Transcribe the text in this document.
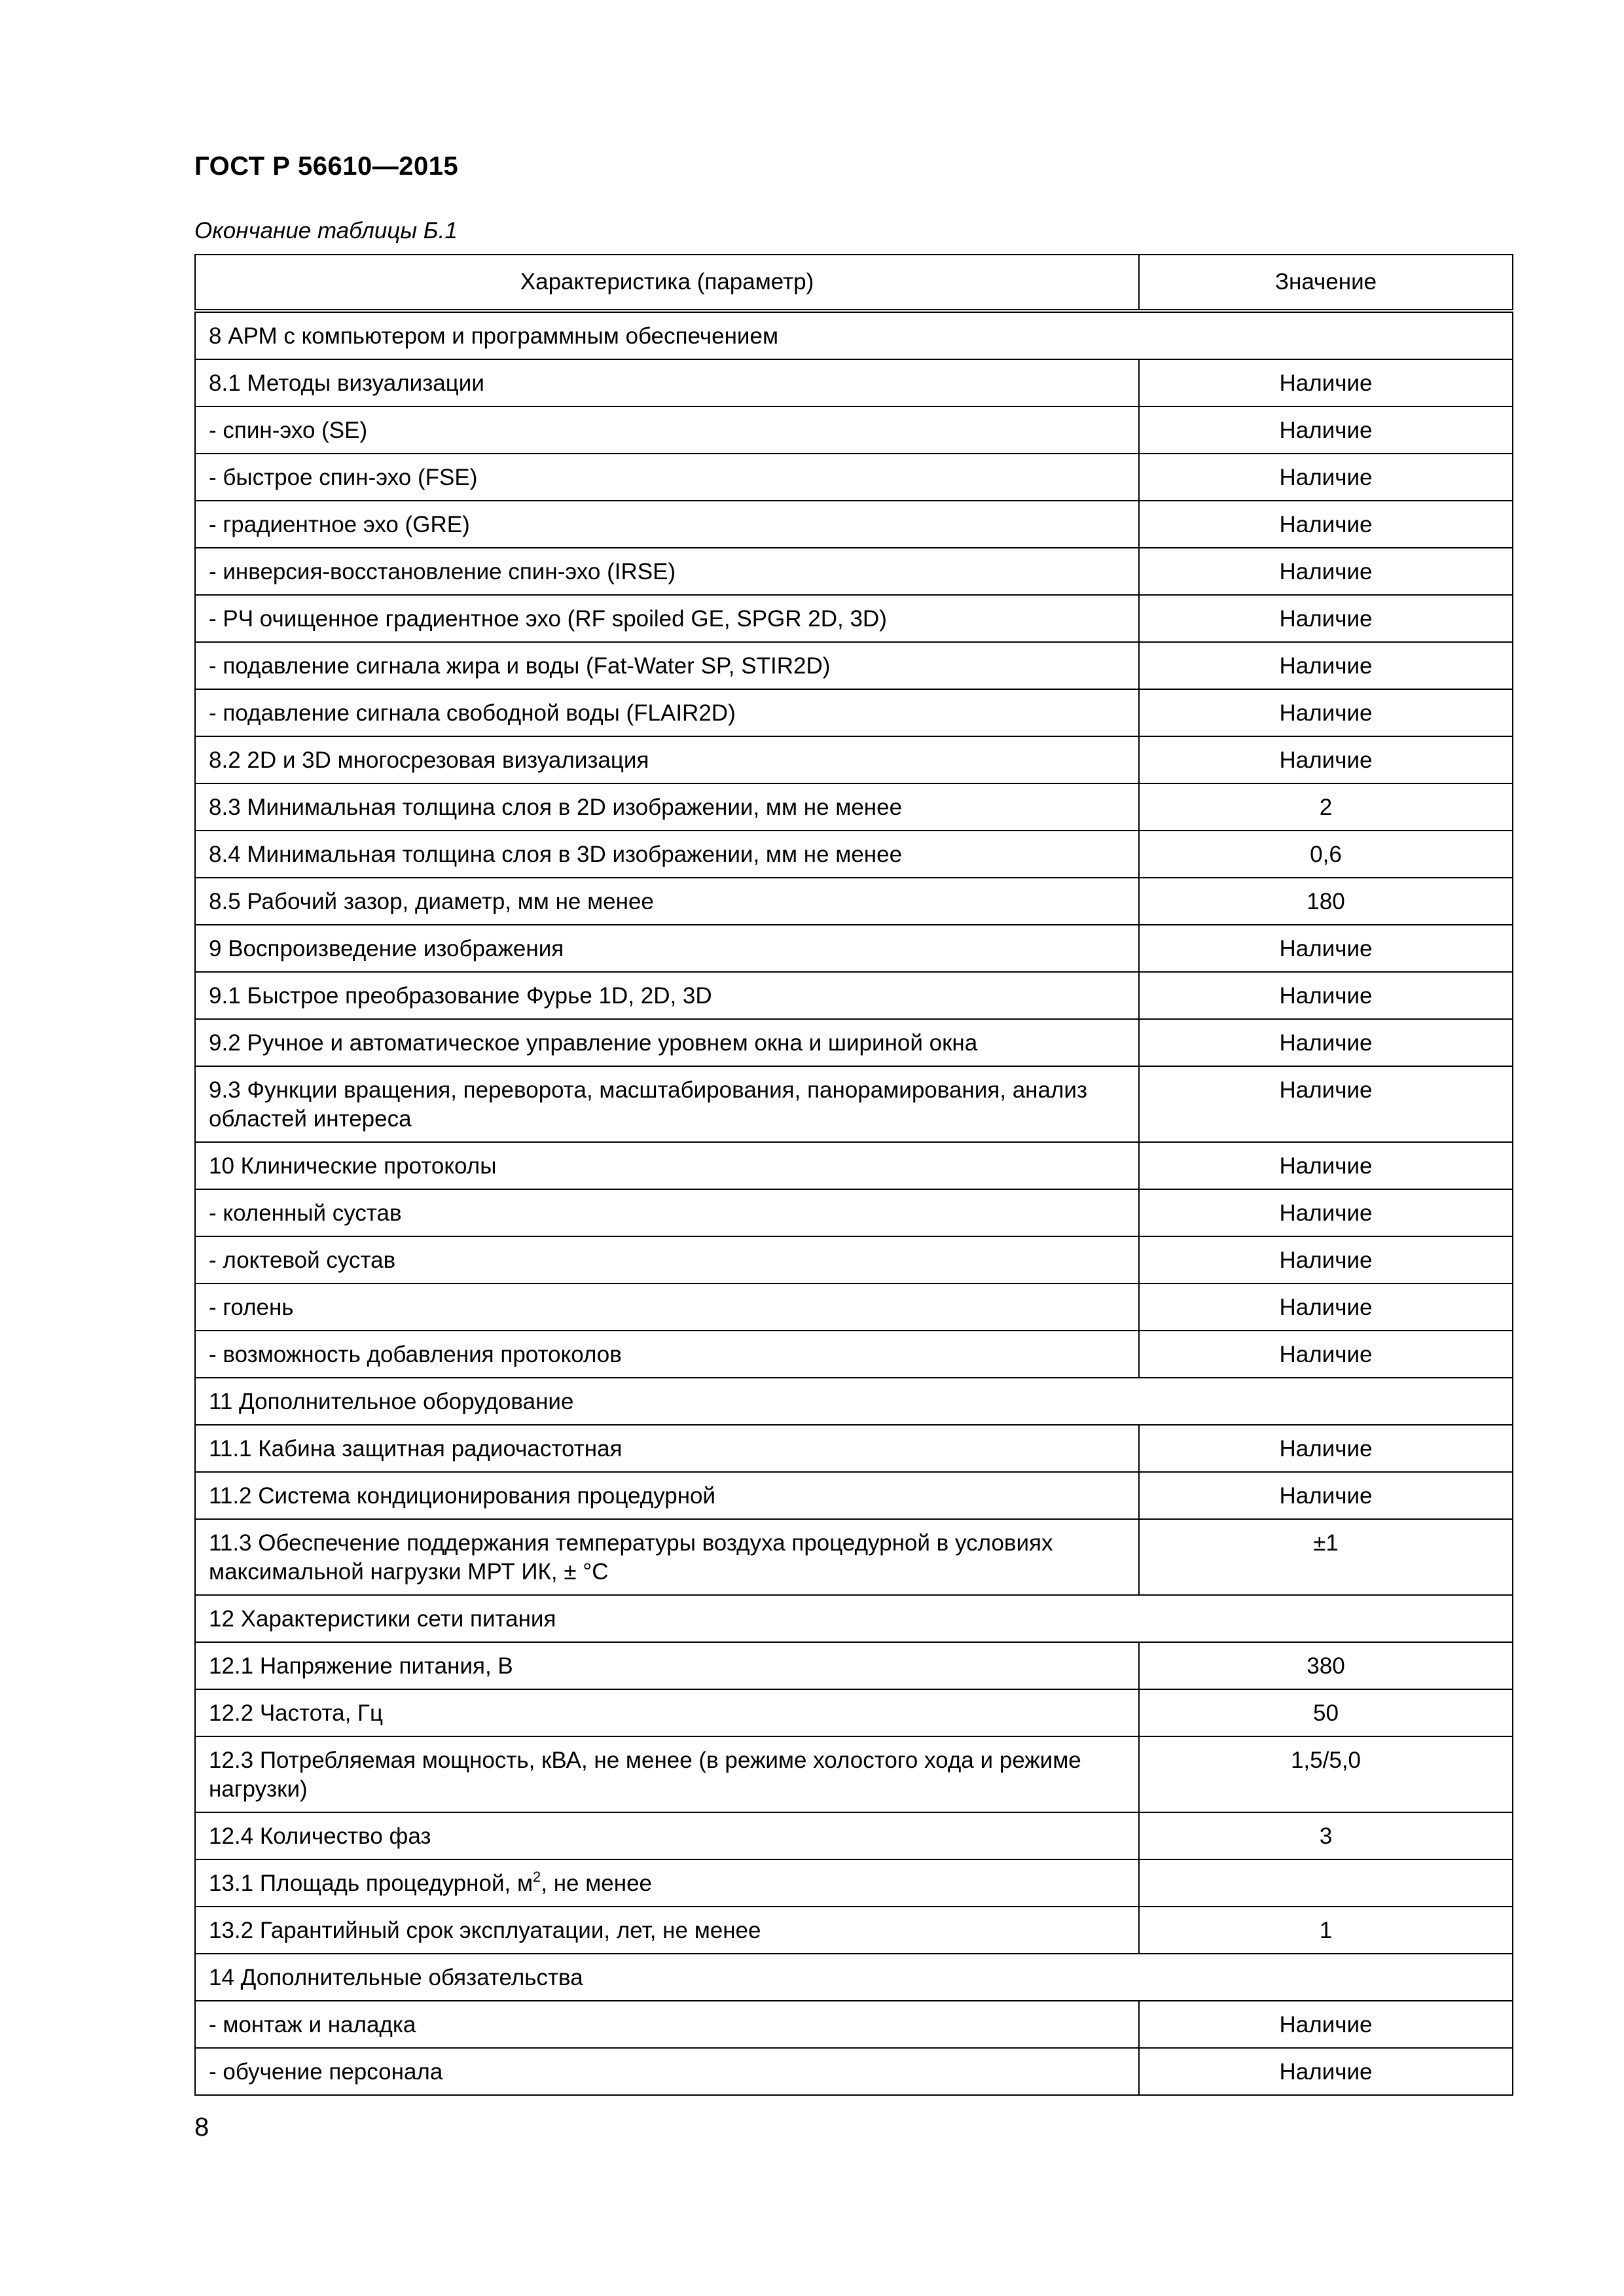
ГОСТ Р 56610—2015

Окончание таблицы Б.1

Характеристика (параметр)	Значение
8 АРМ с компьютером и программным обеспечением	
8.1 Методы визуализации	Наличие
- спин-эхо (SE)	Наличие
- быстрое спин-эхо (FSE)	Наличие
- градиентное эхо (GRE)	Наличие
- инверсия-восстановление спин-эхо (IRSE)	Наличие
- РЧ очищенное градиентное эхо (RF spoiled GE, SPGR 2D, 3D)	Наличие
- подавление сигнала жира и воды (Fat-Water SP, STIR2D)	Наличие
- подавление сигнала свободной воды (FLAIR2D)	Наличие
8.2 2D и 3D многосрезовая визуализация	Наличие
8.3 Минимальная толщина слоя в 2D изображении, мм не менее	2
8.4 Минимальная толщина слоя в 3D изображении, мм не менее	0,6
8.5 Рабочий зазор, диаметр, мм не менее	180
9 Воспроизведение изображения	Наличие
9.1 Быстрое преобразование Фурье 1D, 2D, 3D	Наличие
9.2 Ручное и автоматическое управление уровнем окна и шириной окна	Наличие
9.3 Функции вращения, переворота, масштабирования, панорамирования, анализ областей интереса	Наличие
10 Клинические протоколы	Наличие
- коленный сустав	Наличие
- локтевой сустав	Наличие
- голень	Наличие
- возможность добавления протоколов	Наличие
11 Дополнительное оборудование	
11.1 Кабина защитная радиочастотная	Наличие
11.2 Система кондиционирования процедурной	Наличие
11.3 Обеспечение поддержания температуры воздуха процедурной в условиях максимальной нагрузки МРТ ИК, ± °С	±1
12 Характеристики сети питания	
12.1 Напряжение питания, В	380
12.2 Частота, Гц	50
12.3 Потребляемая мощность, кВА, не менее (в режиме холостого хода и режиме нагрузки)	1,5/5,0
12.4 Количество фаз	3
13.1 Площадь процедурной, $м^2$, не менее	
13.2 Гарантийный срок эксплуатации, лет, не менее	1
14 Дополнительные обязательства	
- монтаж и наладка	Наличие
- обучение персонала	Наличие

8
